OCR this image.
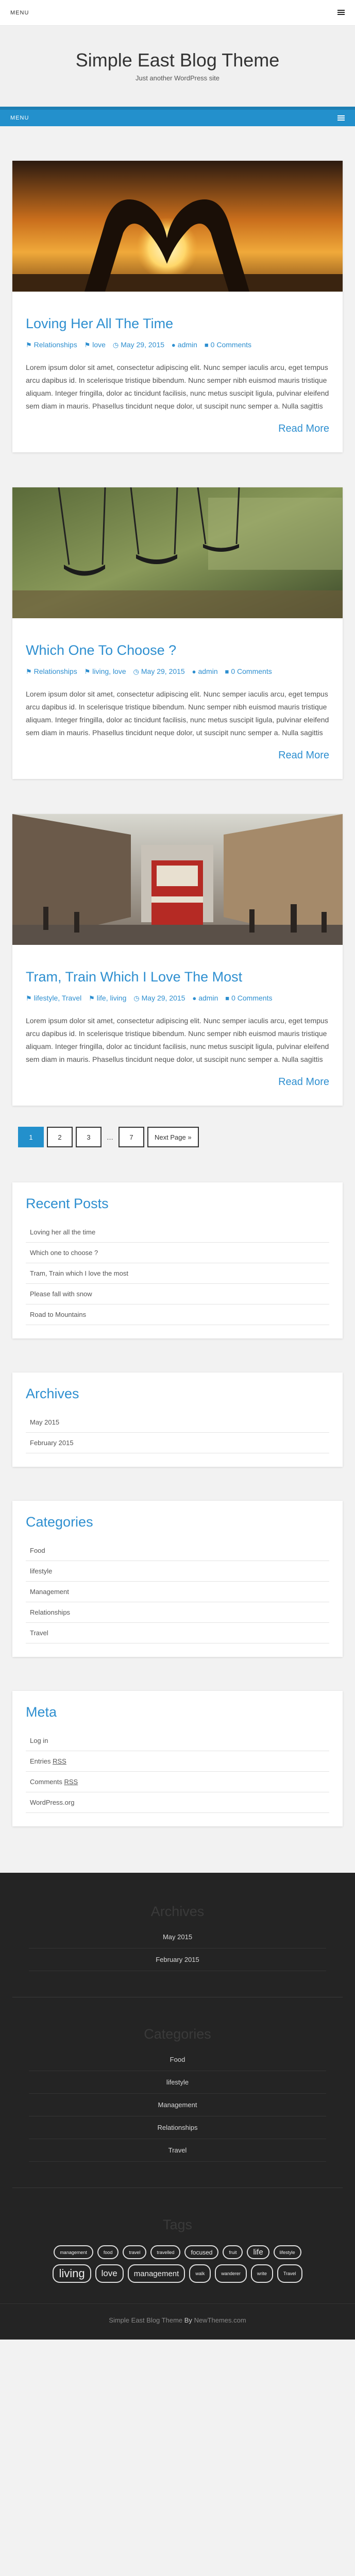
MENU
Simple East Blog Theme
Just another WordPress site
MENU
Loving Her All The Time
⚑ Relationships ⚑ love ◷ May 29, 2015 ● admin ■ 0 Comments

Lorem ipsum dolor sit amet, consectetur adipiscing elit. Nunc semper iaculis arcu, eget tempus arcu dapibus id. In scelerisque tristique bibendum. Nunc semper nibh euismod mauris tristique aliquam. Integer fringilla, dolor ac tincidunt facilisis, nunc metus suscipit ligula, pulvinar eleifend sem diam in mauris. Phasellus tincidunt neque dolor, ut suscipit nunc semper a. Nulla sagittis

Read More
Which One To Choose ?
⚑ Relationships ⚑ living, love ◷ May 29, 2015 ● admin ■ 0 Comments

Lorem ipsum dolor sit amet, consectetur adipiscing elit. Nunc semper iaculis arcu, eget tempus arcu dapibus id. In scelerisque tristique bibendum. Nunc semper nibh euismod mauris tristique aliquam. Integer fringilla, dolor ac tincidunt facilisis, nunc metus suscipit ligula, pulvinar eleifend sem diam in mauris. Phasellus tincidunt neque dolor, ut suscipit nunc semper a. Nulla sagittis

Read More
Tram, Train Which I Love The Most
⚑ lifestyle, Travel ⚑ life, living ◷ May 29, 2015 ● admin ■ 0 Comments

Lorem ipsum dolor sit amet, consectetur adipiscing elit. Nunc semper iaculis arcu, eget tempus arcu dapibus id. In scelerisque tristique bibendum. Nunc semper nibh euismod mauris tristique aliquam. Integer fringilla, dolor ac tincidunt facilisis, nunc metus suscipit ligula, pulvinar eleifend sem diam in mauris. Phasellus tincidunt neque dolor, ut suscipit nunc semper a. Nulla sagittis

Read More
1	2	3	…	7	Next Page »
Recent Posts
Loving her all the time
Which one to choose ?
Tram, Train which I love the most
Please fall with snow
Road to Mountains
Archives
May 2015
February 2015
Categories
Food
lifestyle
Management
Relationships
Travel
Meta
Log in
Entries RSS
Comments RSS
WordPress.org
Archives
May 2015
February 2015
Categories
Food
lifestyle
Management
Relationships
Travel
Tags
management	food	travel	travelled	focused	fruit	life	lifestyle
living	love	management	walk	wanderer	write	Travel
Simple East Blog Theme By NewThemes.com
